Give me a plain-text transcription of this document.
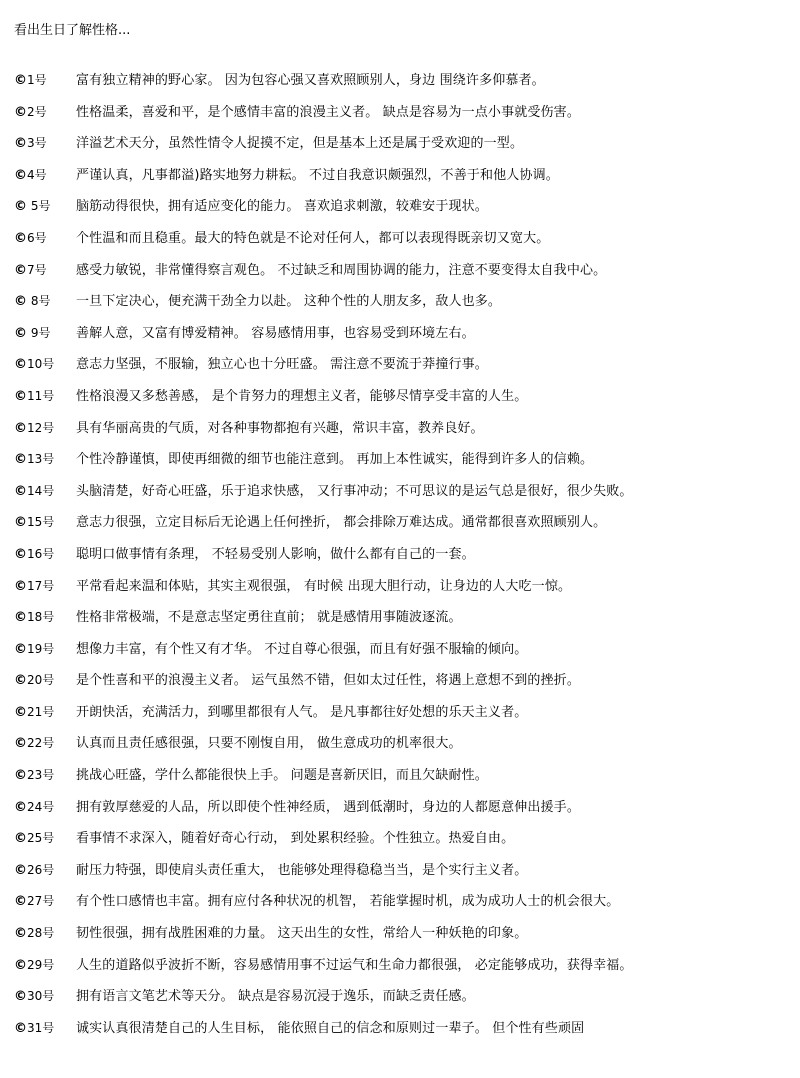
看出生日了解性格...
©1号	富有独立精神的野心家。 因为包容心强又喜欢照顾别人，身边 围绕许多仰慕者。
©2号	性格温柔，喜爱和平，是个感情丰富的浪漫主义者。 缺点是容易为一点小事就受伤害。
©3号	洋溢艺术天分，虽然性情令人捉摸不定，但是基本上还是属于受欢迎的一型。
©4号	严谨认真，凡事都溢)路实地努力耕耘。 不过自我意识颇强烈，不善于和他人协调。
© 5号	脑筋动得很快，拥有适应变化的能力。 喜欢追求刺激，较难安于现状。
©6号	个性温和而且稳重。最大的特色就是不论对任何人，都可以表现得既亲切又宽大。
©7号	感受力敏锐，非常懂得察言观色。 不过缺乏和周围协调的能力，注意不要变得太自我中心。
© 8号	一旦下定决心，便充满干劲全力以赴。 这种个性的人朋友多，敌人也多。
© 9号	善解人意，又富有博爱精神。 容易感情用事，也容易受到环境左右。
©10号	意志力坚强，不服输，独立心也十分旺盛。 需注意不要流于莽撞行事。
©11号	性格浪漫又多愁善感， 是个肯努力的理想主义者，能够尽情享受丰富的人生。
©12号	具有华丽高贵的气质，对各种事物都抱有兴趣，常识丰富，教养良好。
©13号	个性冷静谨慎，即使再细微的细节也能注意到。 再加上本性诚实，能得到许多人的信赖。
©14号	头脑清楚，好奇心旺盛，乐于追求快感， 又行事冲动；不可思议的是运气总是很好，很少失败。
©15号	意志力很强，立定目标后无论遇上任何挫折， 都会排除万难达成。通常都很喜欢照顾别人。
©16号	聪明口做事情有条理， 不轻易受别人影响，做什么都有自己的一套。
©17号	平常看起来温和体贴，其实主观很强， 有时候 出现大胆行动，让身边的人大吃一惊。
©18号	性格非常极端，不是意志坚定勇往直前； 就是感情用事随波逐流。
©19号	想像力丰富，有个性又有才华。 不过自尊心很强，而且有好强不服输的倾向。
©20号	是个性喜和平的浪漫主义者。 运气虽然不错，但如太过任性，将遇上意想不到的挫折。
©21号	开朗快活，充满活力，到哪里都很有人气。 是凡事都往好处想的乐天主义者。
©22号	认真而且责任感很强，只要不刚愎自用， 做生意成功的机率很大。
©23号	挑战心旺盛，学什么都能很快上手。 问题是喜新厌旧，而且欠缺耐性。
©24号	拥有敦厚慈爱的人品，所以即使个性神经质， 遇到低潮时，身边的人都愿意伸出援手。
©25号	看事情不求深入，随着好奇心行动， 到处累积经验。个性独立。热爱自由。
©26号	耐压力特强，即使肩头责任重大， 也能够处理得稳稳当当，是个实行主义者。
©27号	有个性口感情也丰富。拥有应付各种状况的机智， 若能掌握时机，成为成功人士的机会很大。
©28号	韧性很强，拥有战胜困难的力量。 这天出生的女性，常给人一种妖艳的印象。
©29号	人生的道路似乎波折不断，容易感情用事不过运气和生命力都很强， 必定能够成功，获得幸福。
©30号	拥有语言文笔艺术等天分。 缺点是容易沉浸于逸乐，而缺乏责任感。
©31号	诚实认真很清楚自己的人生目标， 能依照自己的信念和原则过一辈子。 但个性有些顽固
